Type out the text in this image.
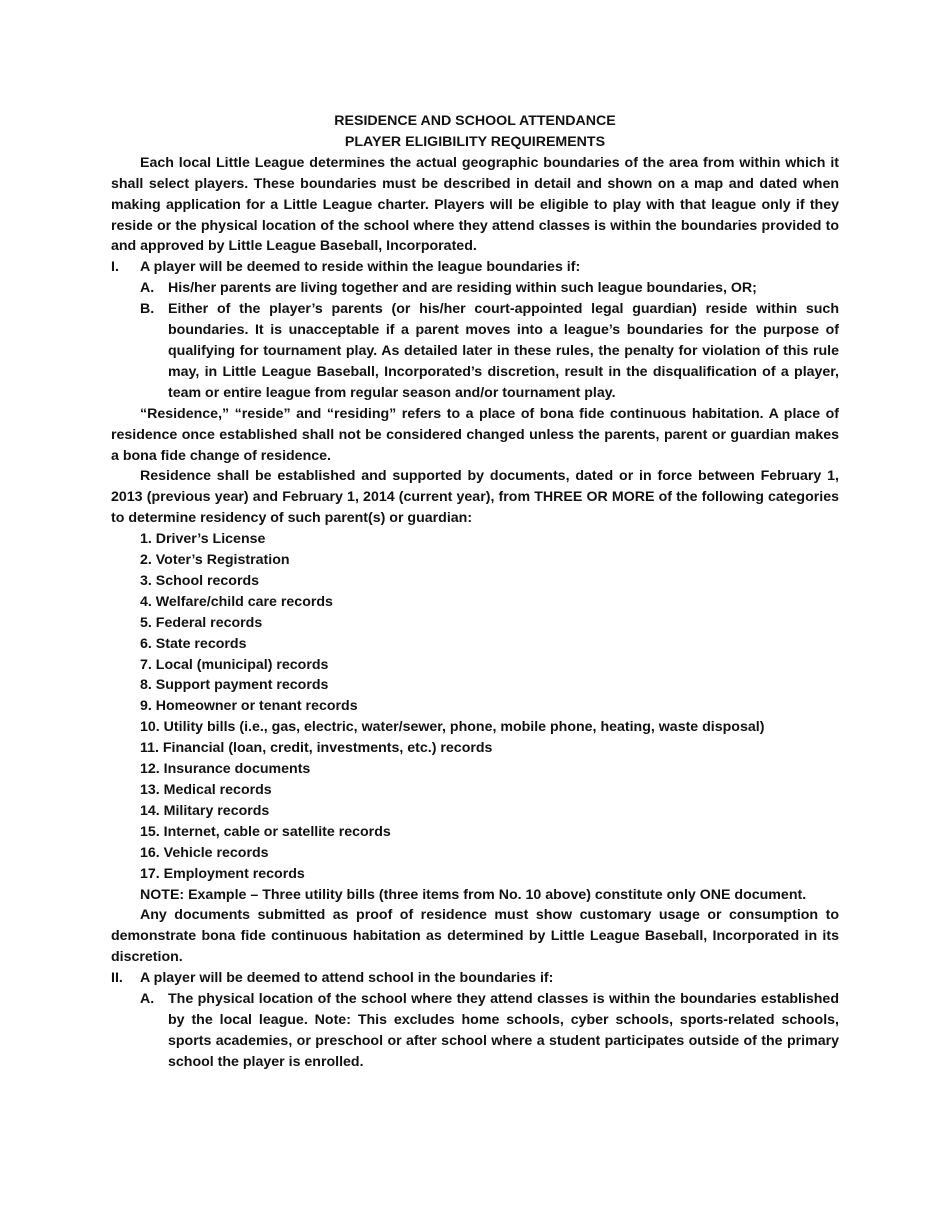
RESIDENCE AND SCHOOL ATTENDANCE

PLAYER ELIGIBILITY REQUIREMENTS

Each local Little League determines the actual geographic boundaries of the area from within which it shall select players. These boundaries must be described in detail and shown on a map and dated when making application for a Little League charter. Players will be eligible to play with that league only if they reside or the physical location of the school where they attend classes is within the boundaries provided to and approved by Little League Baseball, Incorporated.

I. A player will be deemed to reside within the league boundaries if:

A. His/her parents are living together and are residing within such league boundaries, OR;

B. Either of the player’s parents (or his/her court-appointed legal guardian) reside within such boundaries. It is unacceptable if a parent moves into a league’s boundaries for the purpose of qualifying for tournament play. As detailed later in these rules, the penalty for violation of this rule may, in Little League Baseball, Incorporated’s discretion, result in the disqualification of a player, team or entire league from regular season and/or tournament play.

“Residence,” “reside” and “residing” refers to a place of bona fide continuous habitation. A place of residence once established shall not be considered changed unless the parents, parent or guardian makes a bona fide change of residence.

Residence shall be established and supported by documents, dated or in force between February 1, 2013 (previous year) and February 1, 2014 (current year), from THREE OR MORE of the following categories to determine residency of such parent(s) or guardian:

1. Driver’s License

2. Voter’s Registration

3. School records

4. Welfare/child care records

5. Federal records

6. State records

7. Local (municipal) records

8. Support payment records

9. Homeowner or tenant records

10. Utility bills (i.e., gas, electric, water/sewer, phone, mobile phone, heating, waste disposal)

11. Financial (loan, credit, investments, etc.) records

12. Insurance documents

13. Medical records

14. Military records

15. Internet, cable or satellite records

16. Vehicle records

17. Employment records

NOTE: Example – Three utility bills (three items from No. 10 above) constitute only ONE document.

Any documents submitted as proof of residence must show customary usage or consumption to demonstrate bona fide continuous habitation as determined by Little League Baseball, Incorporated in its discretion.

II. A player will be deemed to attend school in the boundaries if:

A. The physical location of the school where they attend classes is within the boundaries established by the local league. Note: This excludes home schools, cyber schools, sports-related schools, sports academies, or preschool or after school where a student participates outside of the primary school the player is enrolled.
